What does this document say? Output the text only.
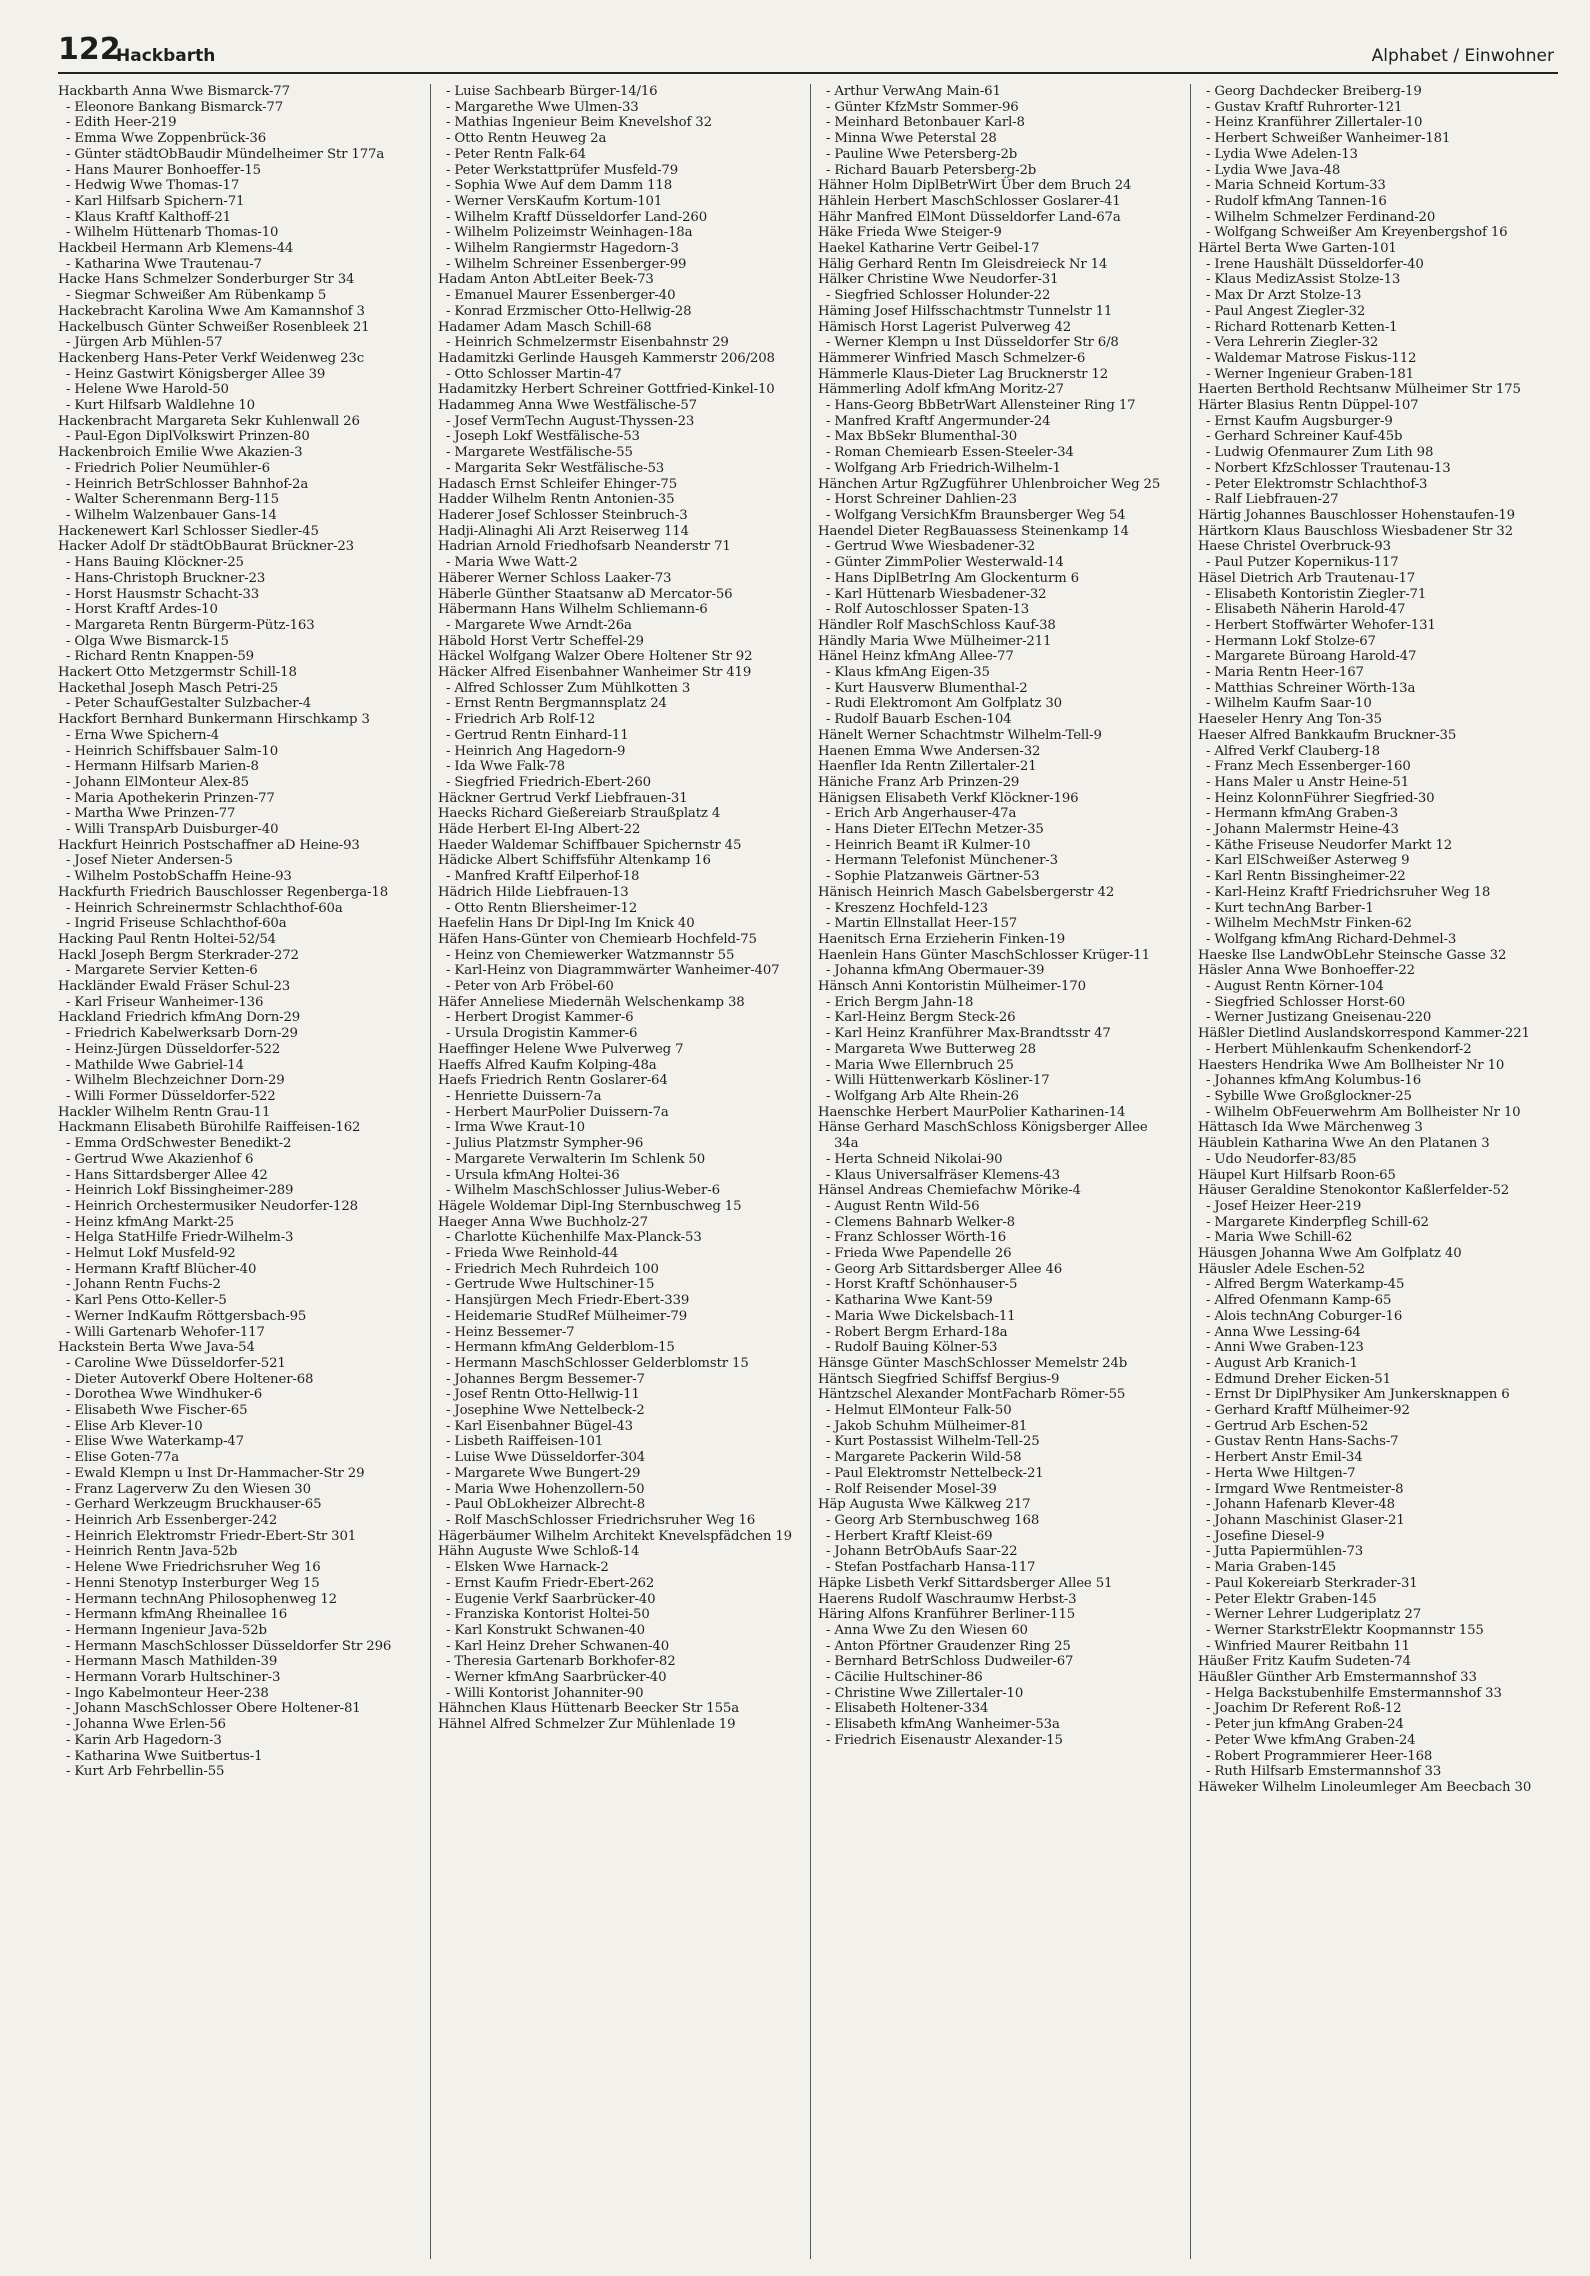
122
Hackbarth	Alphabet / Einwohner

Hackbarth Anna Wwe Bismarck-77

- Eleonore Bankang Bismarck-77

- Edith Heer-219

- Emma Wwe Zoppenbrück-36

- Günter städtObBaudir Mündelheimer Str 177a

- Hans Maurer Bonhoeffer-15

- Hedwig Wwe Thomas-17

- Karl Hilfsarb Spichern-71

- Klaus Kraftf Kalthoff-21

- Wilhelm Hüttenarb Thomas-10

Hackbeil Hermann Arb Klemens-44

- Katharina Wwe Trautenau-7

Hacke Hans Schmelzer Sonderburger Str 34

- Siegmar Schweißer Am Rübenkamp 5

Hackebracht Karolina Wwe Am Kamannshof 3

Hackelbusch Günter Schweißer Rosenbleek 21

- Jürgen Arb Mühlen-57

Hackenberg Hans-Peter Verkf Weidenweg 23c

- Heinz Gastwirt Königsberger Allee 39

- Helene Wwe Harold-50

- Kurt Hilfsarb Waldlehne 10

Hackenbracht Margareta Sekr Kuhlenwall 26

- Paul-Egon DiplVolkswirt Prinzen-80

Hackenbroich Emilie Wwe Akazien-3

- Friedrich Polier Neumühler-6

- Heinrich BetrSchlosser Bahnhof-2a

- Walter Scherenmann Berg-115

- Wilhelm Walzenbauer Gans-14

Hackenewert Karl Schlosser Siedler-45

Hacker Adolf Dr städtObBaurat Brückner-23

- Hans Bauing Klöckner-25

- Hans-Christoph Bruckner-23

- Horst Hausmstr Schacht-33

- Horst Kraftf Ardes-10

- Margareta Rentn Bürgerm-Pütz-163

- Olga Wwe Bismarck-15

- Richard Rentn Knappen-59

Hackert Otto Metzgermstr Schill-18

Hackethal Joseph Masch Petri-25

- Peter SchaufGestalter Sulzbacher-4

Hackfort Bernhard Bunkermann Hirschkamp 3

- Erna Wwe Spichern-4

- Heinrich Schiffsbauer Salm-10

- Hermann Hilfsarb Marien-8

- Johann ElMonteur Alex-85

- Maria Apothekerin Prinzen-77

- Martha Wwe Prinzen-77

- Willi TranspArb Duisburger-40

Hackfurt Heinrich Postschaffner aD Heine-93

- Josef Nieter Andersen-5

- Wilhelm PostobSchaffn Heine-93

Hackfurth Friedrich Bauschlosser Regenberga-18

- Heinrich Schreinermstr Schlachthof-60a

- Ingrid Friseuse Schlachthof-60a

Hacking Paul Rentn Holtei-52/54

Hackl Joseph Bergm Sterkrader-272

- Margarete Servier Ketten-6

Hackländer Ewald Fräser Schul-23

- Karl Friseur Wanheimer-136

Hackland Friedrich kfmAng Dorn-29

- Friedrich Kabelwerksarb Dorn-29

- Heinz-Jürgen Düsseldorfer-522

- Mathilde Wwe Gabriel-14

- Wilhelm Blechzeichner Dorn-29

- Willi Former Düsseldorfer-522

Hackler Wilhelm Rentn Grau-11

Hackmann Elisabeth Bürohilfe Raiffeisen-162

- Emma OrdSchwester Benedikt-2

- Gertrud Wwe Akazienhof 6

- Hans Sittardsberger Allee 42

- Heinrich Lokf Bissingheimer-289

- Heinrich Orchestermusiker Neudorfer-128

- Heinz kfmAng Markt-25

- Helga StatHilfe Friedr-Wilhelm-3

- Helmut Lokf Musfeld-92

- Hermann Kraftf Blücher-40

- Johann Rentn Fuchs-2

- Karl Pens Otto-Keller-5

- Werner IndKaufm Röttgersbach-95

- Willi Gartenarb Wehofer-117

Hackstein Berta Wwe Java-54

- Caroline Wwe Düsseldorfer-521

- Dieter Autoverkf Obere Holtener-68

- Dorothea Wwe Windhuker-6

- Elisabeth Wwe Fischer-65

- Elise Arb Klever-10

- Elise Wwe Waterkamp-47

- Elise Goten-77a

- Ewald Klempn u Inst Dr-Hammacher-Str 29

- Franz Lagerverw Zu den Wiesen 30

- Gerhard Werkzeugm Bruckhauser-65

- Heinrich Arb Essenberger-242

- Heinrich Elektromstr Friedr-Ebert-Str 301

- Heinrich Rentn Java-52b

- Helene Wwe Friedrichsruher Weg 16

- Henni Stenotyp Insterburger Weg 15

- Hermann technAng Philosophenweg 12

- Hermann kfmAng Rheinallee 16

- Hermann Ingenieur Java-52b

- Hermann MaschSchlosser Düsseldorfer Str 296

- Hermann Masch Mathilden-39

- Hermann Vorarb Hultschiner-3

- Ingo Kabelmonteur Heer-238

- Johann MaschSchlosser Obere Holtener-81

- Johanna Wwe Erlen-56

- Karin Arb Hagedorn-3

- Katharina Wwe Suitbertus-1

- Kurt Arb Fehrbellin-55

- Luise Sachbearb Bürger-14/16

- Margarethe Wwe Ulmen-33

- Mathias Ingenieur Beim Knevelshof 32

- Otto Rentn Heuweg 2a

- Peter Rentn Falk-64

- Peter Werkstattprüfer Musfeld-79

- Sophia Wwe Auf dem Damm 118

- Werner VersKaufm Kortum-101

- Wilhelm Kraftf Düsseldorfer Land-260

- Wilhelm Polizeimstr Weinhagen-18a

- Wilhelm Rangiermstr Hagedorn-3

- Wilhelm Schreiner Essenberger-99

Hadam Anton AbtLeiter Beek-73

- Emanuel Maurer Essenberger-40

- Konrad Erzmischer Otto-Hellwig-28

Hadamer Adam Masch Schill-68

- Heinrich Schmelzermstr Eisenbahnstr 29

Hadamitzki Gerlinde Hausgeh Kammerstr 206/208

- Otto Schlosser Martin-47

Hadamitzky Herbert Schreiner Gottfried-Kinkel-10

Hadammeg Anna Wwe Westfälische-57

- Josef VermTechn August-Thyssen-23

- Joseph Lokf Westfälische-53

- Margarete Westfälische-55

- Margarita Sekr Westfälische-53

Hadasch Ernst Schleifer Ehinger-75

Hadder Wilhelm Rentn Antonien-35

Haderer Josef Schlosser Steinbruch-3

Hadji-Alinaghi Ali Arzt Reiserweg 114

Hadrian Arnold Friedhofsarb Neanderstr 71

- Maria Wwe Watt-2

Häberer Werner Schloss Laaker-73

Häberle Günther Staatsanw aD Mercator-56

Häbermann Hans Wilhelm Schliemann-6

- Margarete Wwe Arndt-26a

Häbold Horst Vertr Scheffel-29

Häckel Wolfgang Walzer Obere Holtener Str 92

Häcker Alfred Eisenbahner Wanheimer Str 419

- Alfred Schlosser Zum Mühlkotten 3

- Ernst Rentn Bergmannsplatz 24

- Friedrich Arb Rolf-12

- Gertrud Rentn Einhard-11

- Heinrich Ang Hagedorn-9

- Ida Wwe Falk-78

- Siegfried Friedrich-Ebert-260

Häckner Gertrud Verkf Liebfrauen-31

Haecks Richard Gießereiarb Straußplatz 4

Häde Herbert El-Ing Albert-22

Haeder Waldemar Schiffbauer Spichernstr 45

Hädicke Albert Schiffsführ Altenkamp 16

- Manfred Kraftf Eilperhof-18

Hädrich Hilde Liebfrauen-13

- Otto Rentn Bliersheimer-12

Haefelin Hans Dr Dipl-Ing Im Knick 40

Häfen Hans-Günter von Chemiearb Hochfeld-75

- Heinz von Chemiewerker Watzmannstr 55

- Karl-Heinz von Diagrammwärter Wanheimer-407

- Peter von Arb Fröbel-60

Häfer Anneliese Miedernäh Welschenkamp 38

- Herbert Drogist Kammer-6

- Ursula Drogistin Kammer-6

Haeffinger Helene Wwe Pulverweg 7

Haeffs Alfred Kaufm Kolping-48a

Haefs Friedrich Rentn Goslarer-64

- Henriette Duissern-7a

- Herbert MaurPolier Duissern-7a

- Irma Wwe Kraut-10

- Julius Platzmstr Sympher-96

- Margarete Verwalterin Im Schlenk 50

- Ursula kfmAng Holtei-36

- Wilhelm MaschSchlosser Julius-Weber-6

Hägele Woldemar Dipl-Ing Sternbuschweg 15

Haeger Anna Wwe Buchholz-27

- Charlotte Küchenhilfe Max-Planck-53

- Frieda Wwe Reinhold-44

- Friedrich Mech Ruhrdeich 100

- Gertrude Wwe Hultschiner-15

- Hansjürgen Mech Friedr-Ebert-339

- Heidemarie StudRef Mülheimer-79

- Heinz Bessemer-7

- Hermann kfmAng Gelderblom-15

- Hermann MaschSchlosser Gelderblomstr 15

- Johannes Bergm Bessemer-7

- Josef Rentn Otto-Hellwig-11

- Josephine Wwe Nettelbeck-2

- Karl Eisenbahner Bügel-43

- Lisbeth Raiffeisen-101

- Luise Wwe Düsseldorfer-304

- Margarete Wwe Bungert-29

- Maria Wwe Hohenzollern-50

- Paul ObLokheizer Albrecht-8

- Rolf MaschSchlosser Friedrichsruher Weg 16

Hägerbäumer Wilhelm Architekt Knevelspfädchen 19

Hähn Auguste Wwe Schloß-14

- Elsken Wwe Harnack-2

- Ernst Kaufm Friedr-Ebert-262

- Eugenie Verkf Saarbrücker-40

- Franziska Kontorist Holtei-50

- Karl Konstrukt Schwanen-40

- Karl Heinz Dreher Schwanen-40

- Theresia Gartenarb Borkhofer-82

- Werner kfmAng Saarbrücker-40

- Willi Kontorist Johanniter-90

Hähnchen Klaus Hüttenarb Beecker Str 155a

Hähnel Alfred Schmelzer Zur Mühlenlade 19

- Arthur VerwAng Main-61

- Günter KfzMstr Sommer-96

- Meinhard Betonbauer Karl-8

- Minna Wwe Peterstal 28

- Pauline Wwe Petersberg-2b

- Richard Bauarb Petersberg-2b

Hähner Holm DiplBetrWirt Über dem Bruch 24

Hählein Herbert MaschSchlosser Goslarer-41

Hähr Manfred ElMont Düsseldorfer Land-67a

Häke Frieda Wwe Steiger-9

Haekel Katharine Vertr Geibel-17

Hälig Gerhard Rentn Im Gleisdreieck Nr 14

Hälker Christine Wwe Neudorfer-31

- Siegfried Schlosser Holunder-22

Häming Josef Hilfsschachtmstr Tunnelstr 11

Hämisch Horst Lagerist Pulverweg 42

- Werner Klempn u Inst Düsseldorfer Str 6/8

Hämmerer Winfried Masch Schmelzer-6

Hämmerle Klaus-Dieter Lag Brucknerstr 12

Hämmerling Adolf kfmAng Moritz-27

- Hans-Georg BbBetrWart Allensteiner Ring 17

- Manfred Kraftf Angermunder-24

- Max BbSekr Blumenthal-30

- Roman Chemiearb Essen-Steeler-34

- Wolfgang Arb Friedrich-Wilhelm-1

Hänchen Artur RgZugführer Uhlenbroicher Weg 25

- Horst Schreiner Dahlien-23

- Wolfgang VersichKfm Braunsberger Weg 54

Haendel Dieter RegBauassess Steinenkamp 14

- Gertrud Wwe Wiesbadener-32

- Günter ZimmPolier Westerwald-14

- Hans DiplBetrIng Am Glockenturm 6

- Karl Hüttenarb Wiesbadener-32

- Rolf Autoschlosser Spaten-13

Händler Rolf MaschSchloss Kauf-38

Händly Maria Wwe Mülheimer-211

Hänel Heinz kfmAng Allee-77

- Klaus kfmAng Eigen-35

- Kurt Hausverw Blumenthal-2

- Rudi Elektromont Am Golfplatz 30

- Rudolf Bauarb Eschen-104

Hänelt Werner Schachtmstr Wilhelm-Tell-9

Haenen Emma Wwe Andersen-32

Haenfler Ida Rentn Zillertaler-21

Häniche Franz Arb Prinzen-29

Hänigsen Elisabeth Verkf Klöckner-196

- Erich Arb Angerhauser-47a

- Hans Dieter ElTechn Metzer-35

- Heinrich Beamt iR Kulmer-10

- Hermann Telefonist Münchener-3

- Sophie Platzanweis Gärtner-53

Hänisch Heinrich Masch Gabelsbergerstr 42

- Kreszenz Hochfeld-123

- Martin Ellnstallat Heer-157

Haenitsch Erna Erzieherin Finken-19

Haenlein Hans Günter MaschSchlosser Krüger-11

- Johanna kfmAng Obermauer-39

Hänsch Anni Kontoristin Mülheimer-170

- Erich Bergm Jahn-18

- Karl-Heinz Bergm Steck-26

- Karl Heinz Kranführer Max-Brandtsstr 47

- Margareta Wwe Butterweg 28

- Maria Wwe Ellernbruch 25

- Willi Hüttenwerkarb Kösliner-17

- Wolfgang Arb Alte Rhein-26

Haenschke Herbert MaurPolier Katharinen-14

Hänse Gerhard MaschSchloss Königsberger Allee 34a

- Herta Schneid Nikolai-90

- Klaus Universalfräser Klemens-43

Hänsel Andreas Chemiefachw Mörike-4

- August Rentn Wild-56

- Clemens Bahnarb Welker-8

- Franz Schlosser Wörth-16

- Frieda Wwe Papendelle 26

- Georg Arb Sittardsberger Allee 46

- Horst Kraftf Schönhauser-5

- Katharina Wwe Kant-59

- Maria Wwe Dickelsbach-11

- Robert Bergm Erhard-18a

- Rudolf Bauing Kölner-53

Hänsge Günter MaschSchlosser Memelstr 24b

Häntsch Siegfried Schiffsf Bergius-9

Häntzschel Alexander MontFacharb Römer-55

- Helmut ElMonteur Falk-50

- Jakob Schuhm Mülheimer-81

- Kurt Postassist Wilhelm-Tell-25

- Margarete Packerin Wild-58

- Paul Elektromstr Nettelbeck-21

- Rolf Reisender Mosel-39

Häp Augusta Wwe Kälkweg 217

- Georg Arb Sternbuschweg 168

- Herbert Kraftf Kleist-69

- Johann BetrObAufs Saar-22

- Stefan Postfacharb Hansa-117

Häpke Lisbeth Verkf Sittardsberger Allee 51

Haerens Rudolf Waschraumw Herbst-3

Häring Alfons Kranführer Berliner-115

- Anna Wwe Zu den Wiesen 60

- Anton Pförtner Graudenzer Ring 25

- Bernhard BetrSchloss Dudweiler-67

- Cäcilie Hultschiner-86

- Christine Wwe Zillertaler-10

- Elisabeth Holtener-334

- Elisabeth kfmAng Wanheimer-53a

- Friedrich Eisenaustr Alexander-15

- Georg Dachdecker Breiberg-19

- Gustav Kraftf Ruhrorter-121

- Heinz Kranführer Zillertaler-10

- Herbert Schweißer Wanheimer-181

- Lydia Wwe Adelen-13

- Lydia Wwe Java-48

- Maria Schneid Kortum-33

- Rudolf kfmAng Tannen-16

- Wilhelm Schmelzer Ferdinand-20

- Wolfgang Schweißer Am Kreyenbergshof 16

Härtel Berta Wwe Garten-101

- Irene Haushält Düsseldorfer-40

- Klaus MedizAssist Stolze-13

- Max Dr Arzt Stolze-13

- Paul Angest Ziegler-32

- Richard Rottenarb Ketten-1

- Vera Lehrerin Ziegler-32

- Waldemar Matrose Fiskus-112

- Werner Ingenieur Graben-181

Haerten Berthold Rechtsanw Mülheimer Str 175

Härter Blasius Rentn Düppel-107

- Ernst Kaufm Augsburger-9

- Gerhard Schreiner Kauf-45b

- Ludwig Ofenmaurer Zum Lith 98

- Norbert KfzSchlosser Trautenau-13

- Peter Elektromstr Schlachthof-3

- Ralf Liebfrauen-27

Härtig Johannes Bauschlosser Hohenstaufen-19

Härtkorn Klaus Bauschloss Wiesbadener Str 32

Haese Christel Overbruck-93

- Paul Putzer Kopernikus-117

Häsel Dietrich Arb Trautenau-17

- Elisabeth Kontoristin Ziegler-71

- Elisabeth Näherin Harold-47

- Herbert Stoffwärter Wehofer-131

- Hermann Lokf Stolze-67

- Margarete Büroang Harold-47

- Maria Rentn Heer-167

- Matthias Schreiner Wörth-13a

- Wilhelm Kaufm Saar-10

Haeseler Henry Ang Ton-35

Haeser Alfred Bankkaufm Bruckner-35

- Alfred Verkf Clauberg-18

- Franz Mech Essenberger-160

- Hans Maler u Anstr Heine-51

- Heinz KolonnFührer Siegfried-30

- Hermann kfmAng Graben-3

- Johann Malermstr Heine-43

- Käthe Friseuse Neudorfer Markt 12

- Karl ElSchweißer Asterweg 9

- Karl Rentn Bissingheimer-22

- Karl-Heinz Kraftf Friedrichsruher Weg 18

- Kurt technAng Barber-1

- Wilhelm MechMstr Finken-62

- Wolfgang kfmAng Richard-Dehmel-3

Haeske Ilse LandwObLehr Steinsche Gasse 32

Häsler Anna Wwe Bonhoeffer-22

- August Rentn Körner-104

- Siegfried Schlosser Horst-60

- Werner Justizang Gneisenau-220

Häßler Dietlind Auslandskorrespond Kammer-221

- Herbert Mühlenkaufm Schenkendorf-2

Haesters Hendrika Wwe Am Bollheister Nr 10

- Johannes kfmAng Kolumbus-16

- Sybille Wwe Großglockner-25

- Wilhelm ObFeuerwehrm Am Bollheister Nr 10

Hättasch Ida Wwe Märchenweg 3

Häublein Katharina Wwe An den Platanen 3

- Udo Neudorfer-83/85

Häupel Kurt Hilfsarb Roon-65

Häuser Geraldine Stenokontor Kaßlerfelder-52

- Josef Heizer Heer-219

- Margarete Kinderpfleg Schill-62

- Maria Wwe Schill-62

Häusgen Johanna Wwe Am Golfplatz 40

Häusler Adele Eschen-52

- Alfred Bergm Waterkamp-45

- Alfred Ofenmann Kamp-65

- Alois technAng Coburger-16

- Anna Wwe Lessing-64

- Anni Wwe Graben-123

- August Arb Kranich-1

- Edmund Dreher Eicken-51

- Ernst Dr DiplPhysiker Am Junkersknappen 6

- Gerhard Kraftf Mülheimer-92

- Gertrud Arb Eschen-52

- Gustav Rentn Hans-Sachs-7

- Herbert Anstr Emil-34

- Herta Wwe Hiltgen-7

- Irmgard Wwe Rentmeister-8

- Johann Hafenarb Klever-48

- Johann Maschinist Glaser-21

- Josefine Diesel-9

- Jutta Papiermühlen-73

- Maria Graben-145

- Paul Kokereiarb Sterkrader-31

- Peter Elektr Graben-145

- Werner Lehrer Ludgeriplatz 27

- Werner StarkstrElektr Koopmannstr 155

- Winfried Maurer Reitbahn 11

Häußer Fritz Kaufm Sudeten-74

Häußler Günther Arb Emstermannshof 33

- Helga Backstubenhilfe Emstermannshof 33

- Joachim Dr Referent Roß-12

- Peter jun kfmAng Graben-24

- Peter Wwe kfmAng Graben-24

- Robert Programmierer Heer-168

- Ruth Hilfsarb Emstermannshof 33

Häweker Wilhelm Linoleumleger Am Beecbach 30
